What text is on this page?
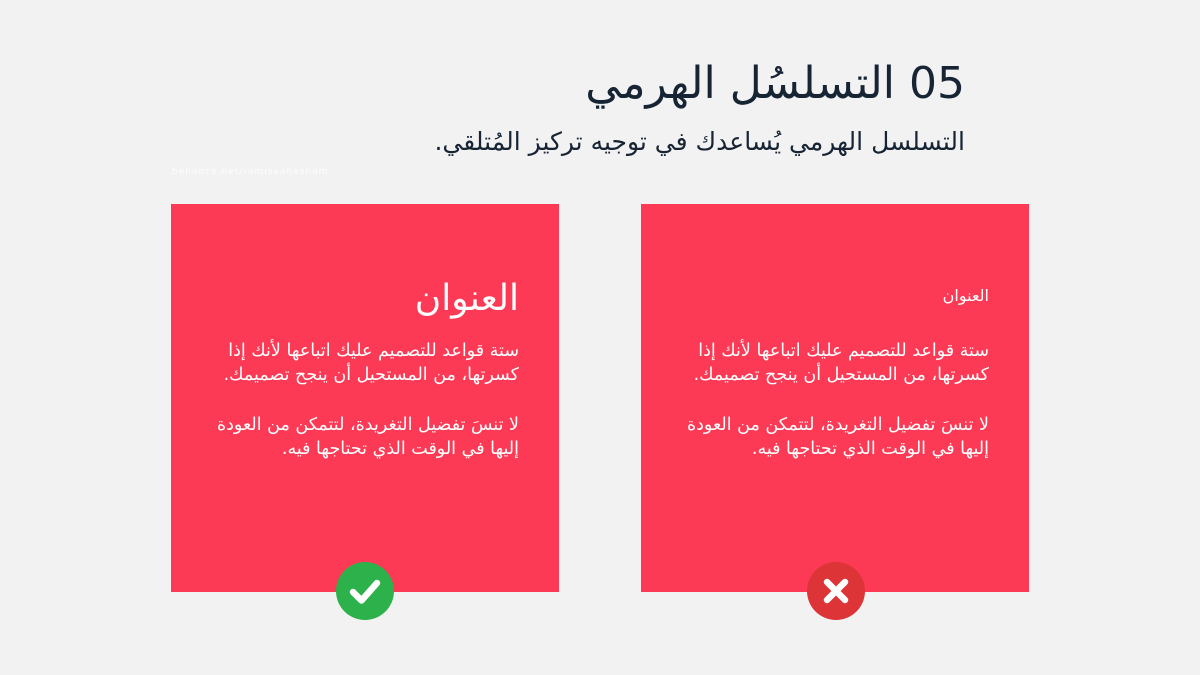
05 التسلسُل الهرمي

التسلسل الهرمي يُساعدك في توجيه تركيز المُتلقي.

behance.net/ramisaahesham
العنوان

ستة قواعد للتصميم عليك اتباعها لأنك إذا كسرتها، من المستحيل أن ينجح تصميمك.

لا تنسَ تفضيل التغريدة، لتتمكن من العودة إليها في الوقت الذي تحتاجها فيه.

العنوان

ستة قواعد للتصميم عليك اتباعها لأنك إذا كسرتها، من المستحيل أن ينجح تصميمك.

لا تنسَ تفضيل التغريدة، لتتمكن من العودة إليها في الوقت الذي تحتاجها فيه.
